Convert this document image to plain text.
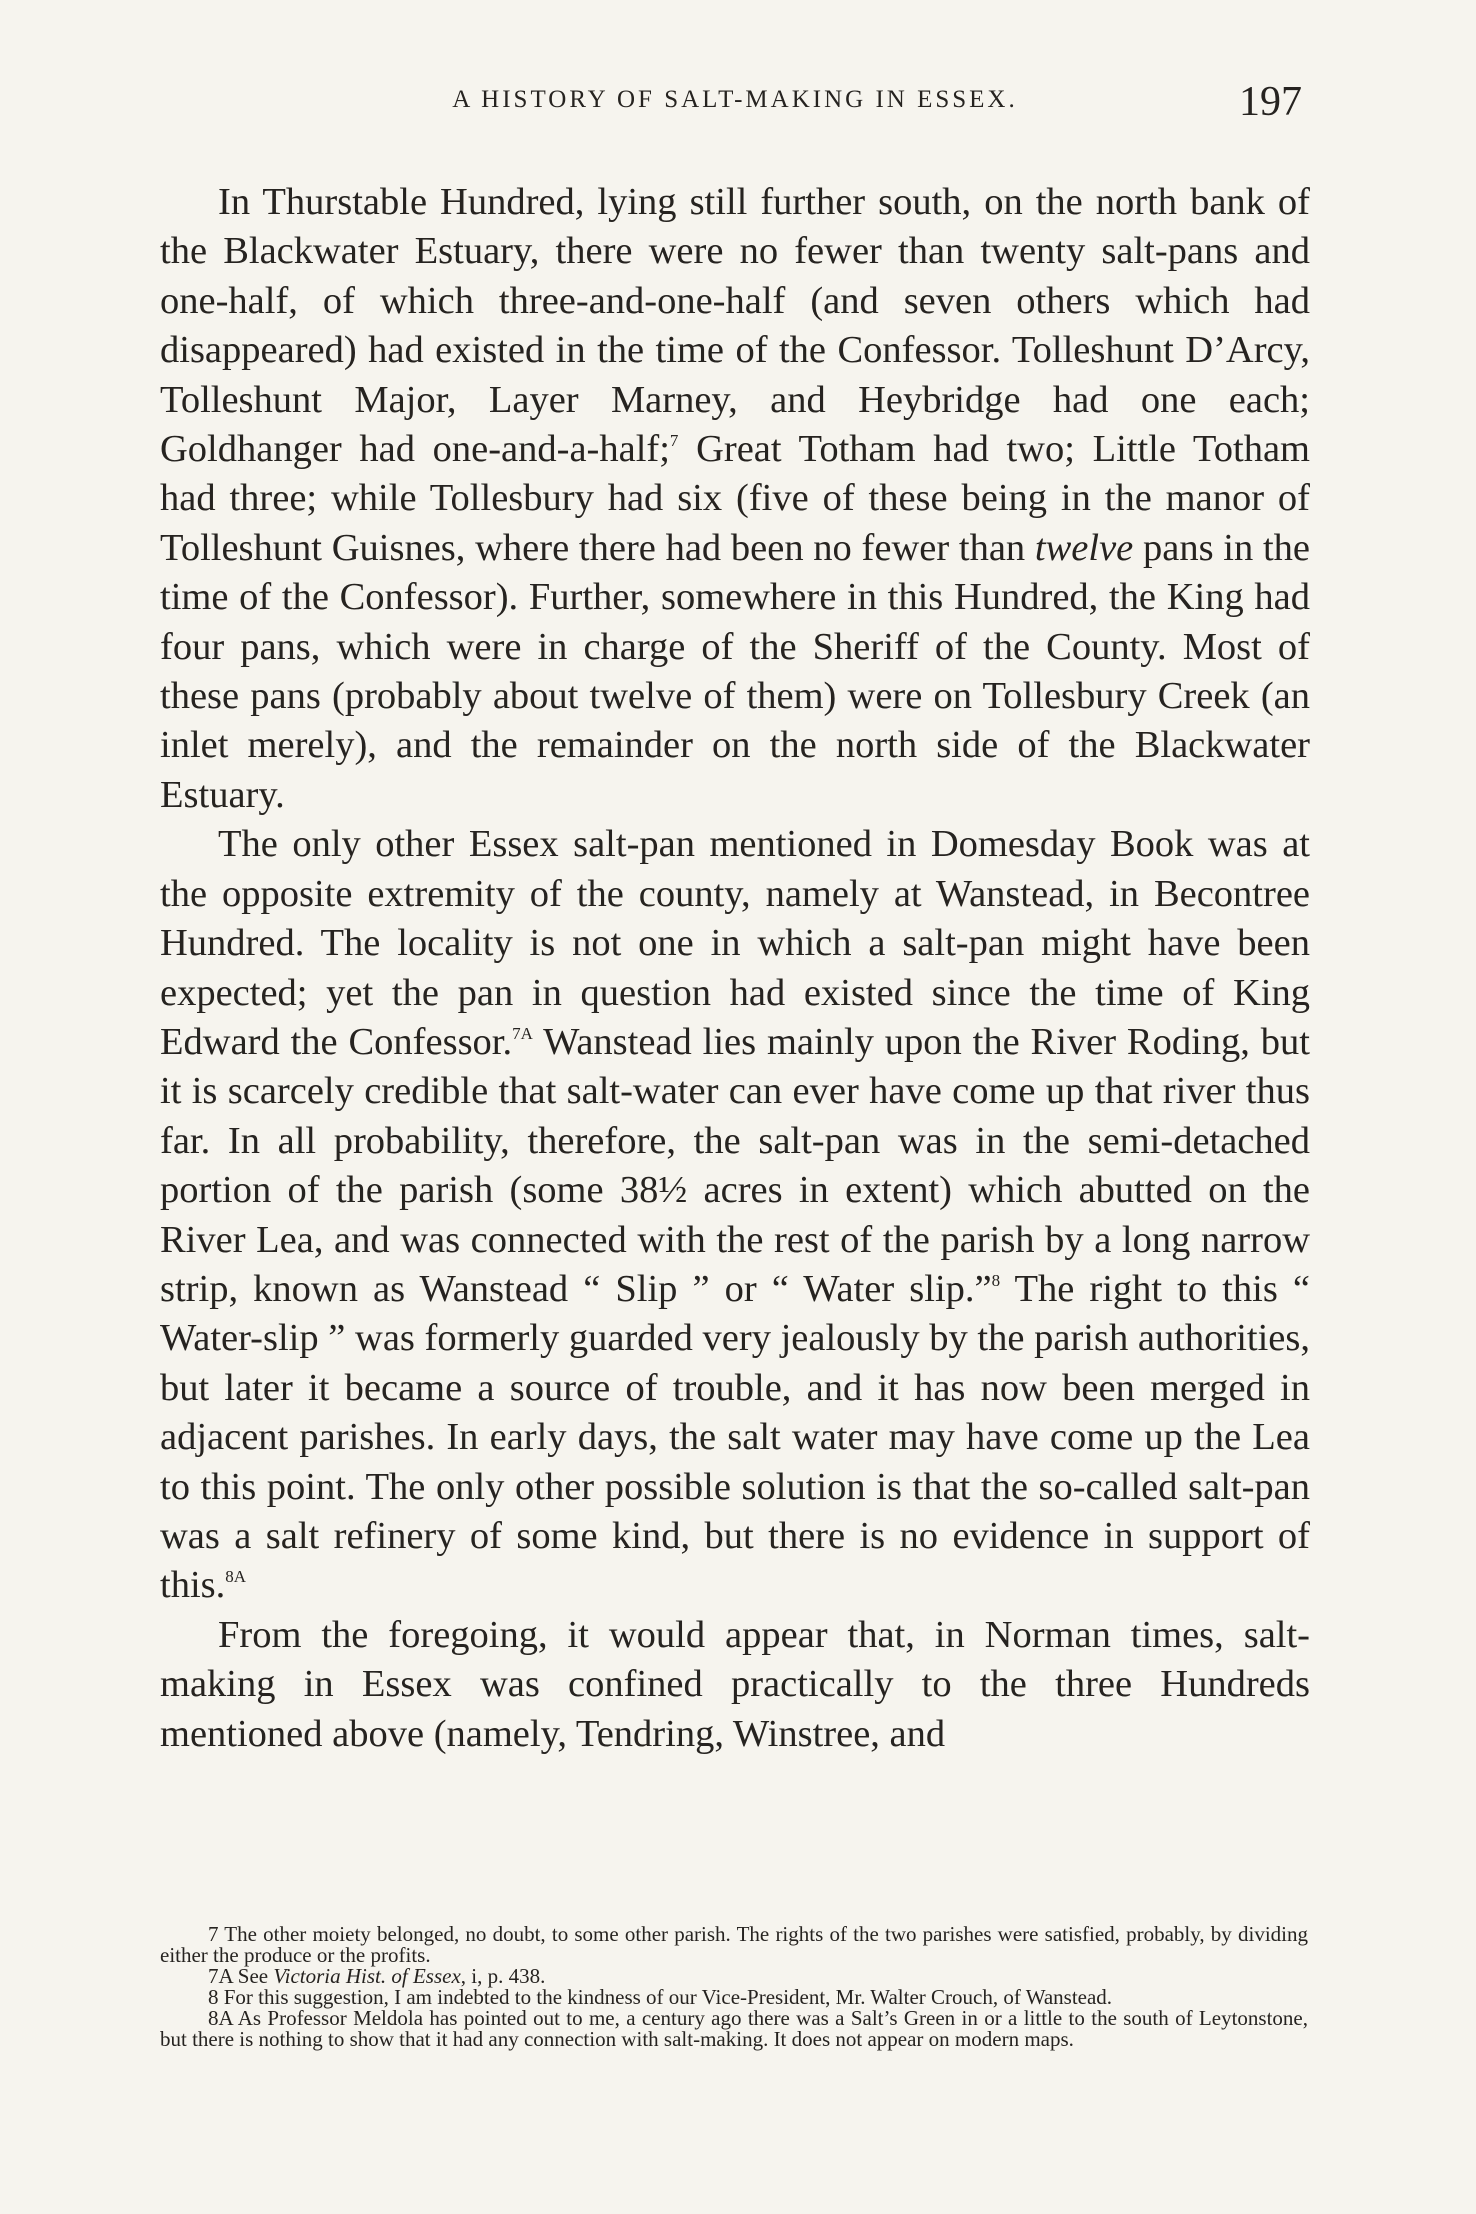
A HISTORY OF SALT-MAKING IN ESSEX.	197

In Thurstable Hundred, lying still further south, on the north bank of the Blackwater Estuary, there were no fewer than twenty salt-pans and one-half, of which three-and-one-half (and seven others which had disappeared) had existed in the time of the Confessor. Tolleshunt D’Arcy, Tolleshunt Major, Layer Marney, and Heybridge had one each; Goldhanger had one-and-a-half;$^7$ Great Totham had two; Little Totham had three; while Tollesbury had six (five of these being in the manor of Tolleshunt Guisnes, where there had been no fewer than twelve pans in the time of the Confessor). Further, somewhere in this Hundred, the King had four pans, which were in charge of the Sheriff of the County. Most of these pans (probably about twelve of them) were on Tollesbury Creek (an inlet merely), and the remainder on the north side of the Blackwater Estuary.

The only other Essex salt-pan mentioned in Domesday Book was at the opposite extremity of the county, namely at Wanstead, in Becontree Hundred. The locality is not one in which a salt-pan might have been expected; yet the pan in question had existed since the time of King Edward the Confessor.$^{7A}$ Wanstead lies mainly upon the River Roding, but it is scarcely credible that salt-water can ever have come up that river thus far. In all probability, therefore, the salt-pan was in the semi-detached portion of the parish (some 38½ acres in extent) which abutted on the River Lea, and was connected with the rest of the parish by a long narrow strip, known as Wanstead “ Slip ” or “ Water slip.”$^8$ The right to this “ Water-slip ” was formerly guarded very jealously by the parish authorities, but later it became a source of trouble, and it has now been merged in adjacent parishes. In early days, the salt water may have come up the Lea to this point. The only other possible solution is that the so-called salt-pan was a salt refinery of some kind, but there is no evidence in support of this.$^{8A}$

From the foregoing, it would appear that, in Norman times, salt-making in Essex was confined practically to the three Hundreds mentioned above (namely, Tendring, Winstree, and

7 The other moiety belonged, no doubt, to some other parish. The rights of the two parishes were satisfied, probably, by dividing either the produce or the profits.

7A See Victoria Hist. of Essex, i, p. 438.

8 For this suggestion, I am indebted to the kindness of our Vice-President, Mr. Walter Crouch, of Wanstead.

8A As Professor Meldola has pointed out to me, a century ago there was a Salt’s Green in or a little to the south of Leytonstone, but there is nothing to show that it had any connection with salt-making. It does not appear on modern maps.
